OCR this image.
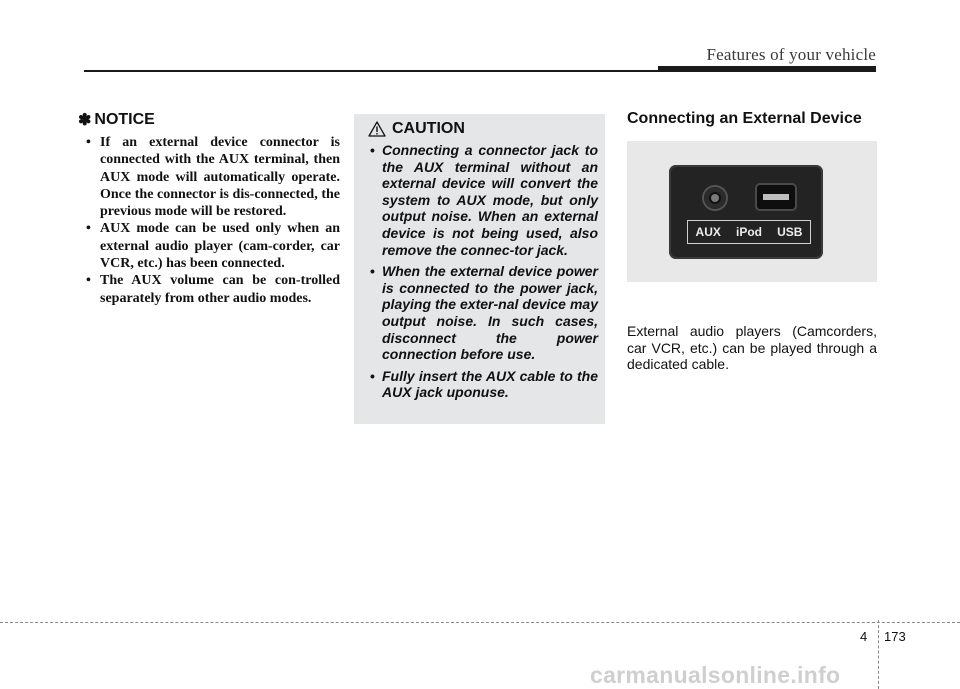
Features of your vehicle
✽ NOTICE
• If an external device connector is connected with the AUX terminal, then AUX mode will automatically operate. Once the connector is dis-connected, the previous mode will be restored.
• AUX mode can be used only when an external audio player (cam-corder, car VCR, etc.) has been connected.
• The AUX volume can be con-trolled separately from other audio modes.
CAUTION
• Connecting a connector jack to the AUX terminal without an external device will convert the system to AUX mode, but only output noise. When an external device is not being used, also remove the connec-tor jack.
• When the external device power is connected to the power jack, playing the exter-nal device may output noise. In such cases, disconnect the power connection before use.
• Fully insert the AUX cable to the AUX jack uponuse.
Connecting an External Device
AUX iPod USB

External audio players (Camcorders, car VCR, etc.) can be played through a dedicated cable.

4 173
carmanualsonline.info
